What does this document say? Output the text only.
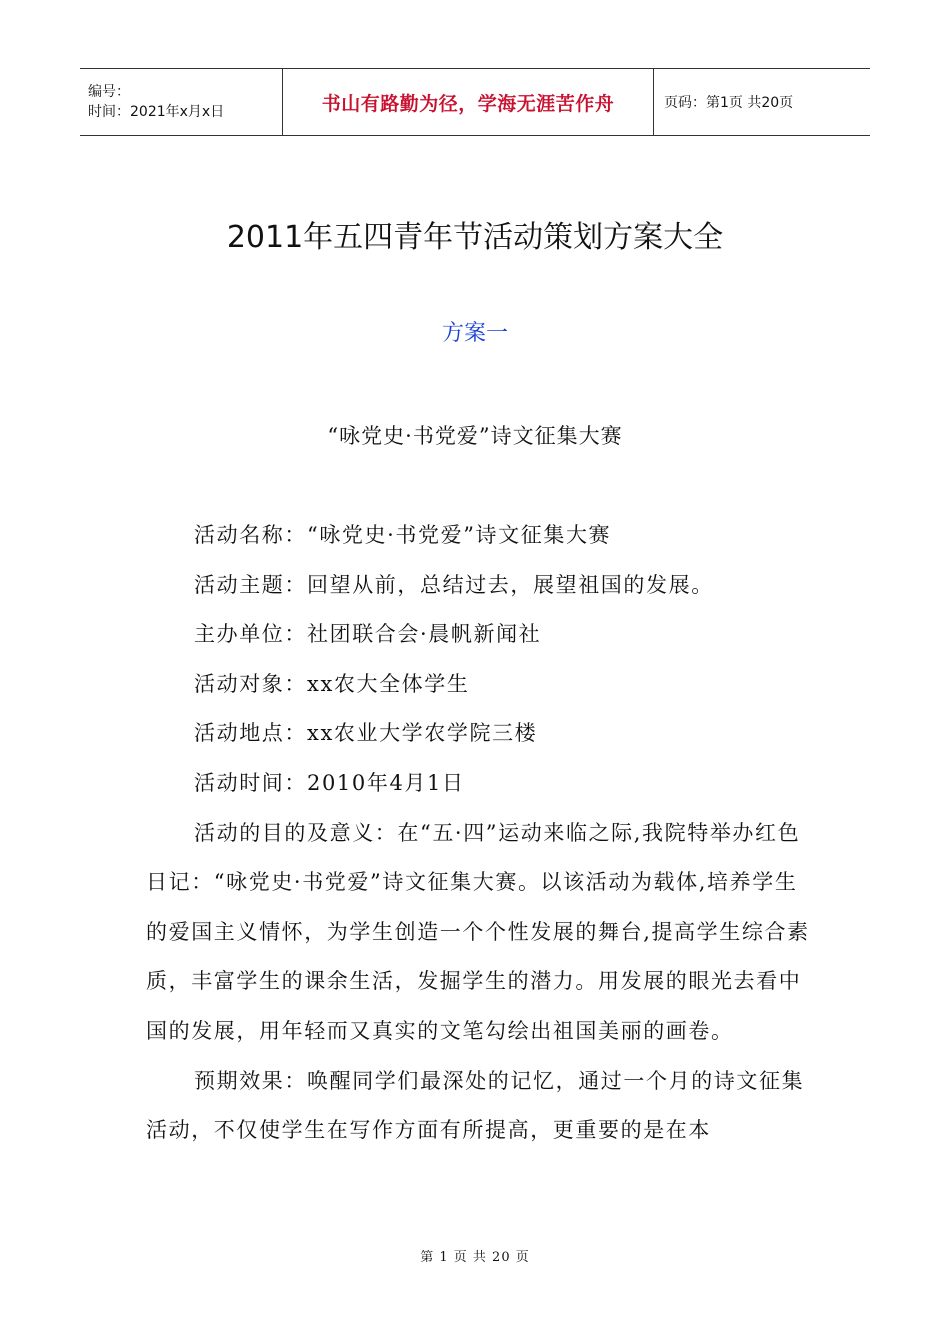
编号：
时间：2021年x月x日	书山有路勤为径，学海无涯苦作舟	页码：第1页 共20页
2011年五四青年节活动策划方案大全
方案一
“咏党史·书党爱”诗文征集大赛

活动名称：“咏党史·书党爱”诗文征集大赛

活动主题：回望从前，总结过去，展望祖国的发展。

主办单位：社团联合会·晨帆新闻社

活动对象：xx农大全体学生

活动地点：xx农业大学农学院三楼

活动时间：2010年4月1日

活动的目的及意义：在“五·四”运动来临之际,我院特举办红色日记：“咏党史·书党爱”诗文征集大赛。以该活动为载体,培养学生的爱国主义情怀，为学生创造一个个性发展的舞台,提高学生综合素质，丰富学生的课余生活，发掘学生的潜力。用发展的眼光去看中国的发展，用年轻而又真实的文笔勾绘出祖国美丽的画卷。

预期效果：唤醒同学们最深处的记忆，通过一个月的诗文征集活动，不仅使学生在写作方面有所提高，更重要的是在本

第 1 页 共 20 页
